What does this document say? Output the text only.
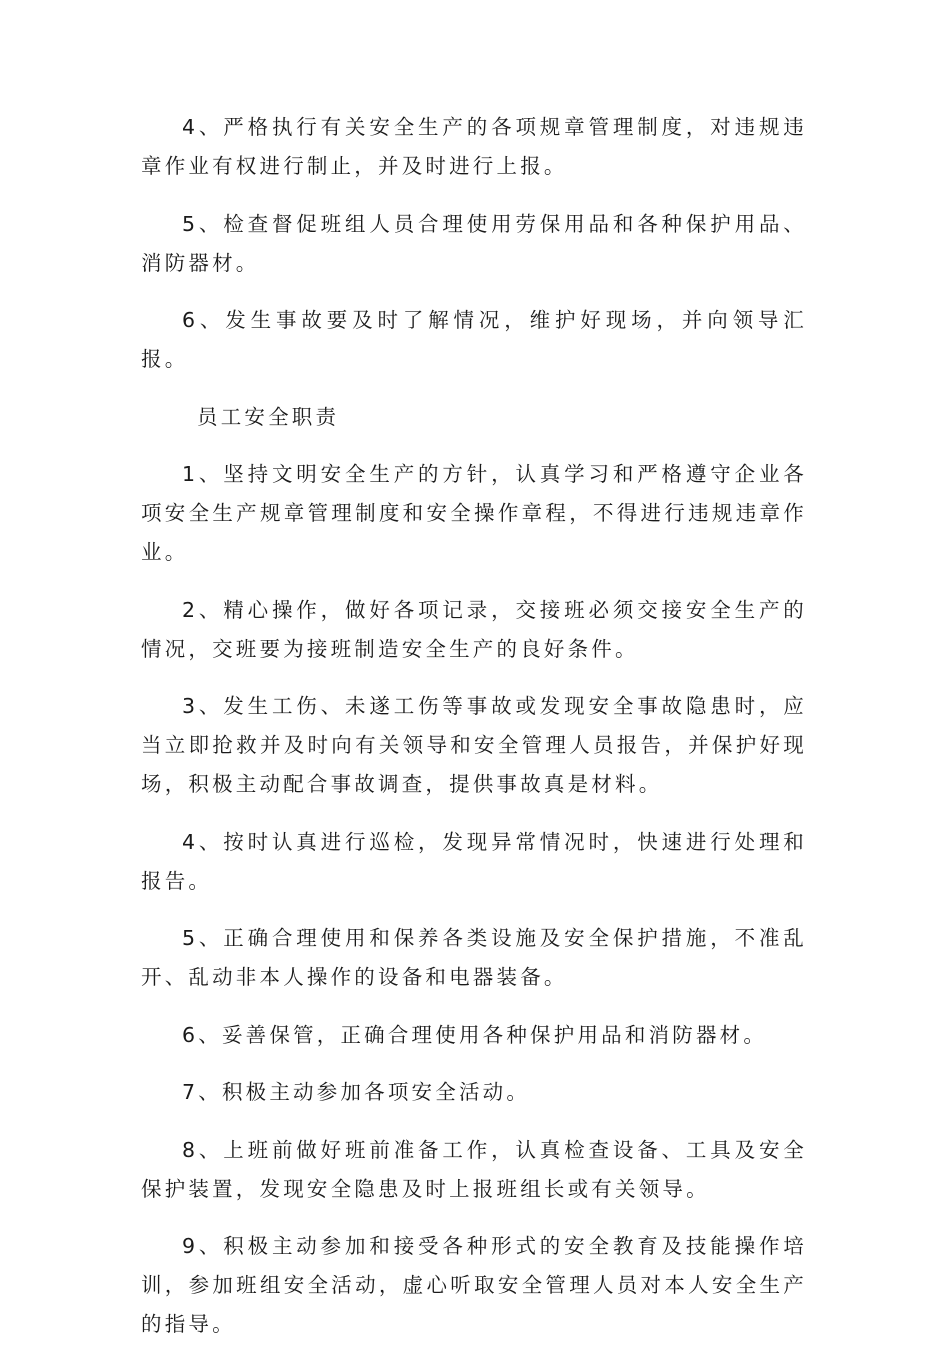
4、严格执行有关安全生产的各项规章管理制度，对违规违章作业有权进行制止，并及时进行上报。

5、检查督促班组人员合理使用劳保用品和各种保护用品、消防器材。

6、发生事故要及时了解情况，维护好现场，并向领导汇报。

员工安全职责

1、坚持文明安全生产的方针，认真学习和严格遵守企业各项安全生产规章管理制度和安全操作章程，不得进行违规违章作业。

2、精心操作，做好各项记录，交接班必须交接安全生产的情况，交班要为接班制造安全生产的良好条件。

3、发生工伤、未遂工伤等事故或发现安全事故隐患时，应当立即抢救并及时向有关领导和安全管理人员报告，并保护好现场，积极主动配合事故调查，提供事故真是材料。

4、按时认真进行巡检，发现异常情况时，快速进行处理和报告。

5、正确合理使用和保养各类设施及安全保护措施，不准乱开、乱动非本人操作的设备和电器装备。

6、妥善保管，正确合理使用各种保护用品和消防器材。

7、积极主动参加各项安全活动。

8、上班前做好班前准备工作，认真检查设备、工具及安全保护装置，发现安全隐患及时上报班组长或有关领导。

9、积极主动参加和接受各种形式的安全教育及技能操作培训，参加班组安全活动，虚心听取安全管理人员对本人安全生产的指导。
